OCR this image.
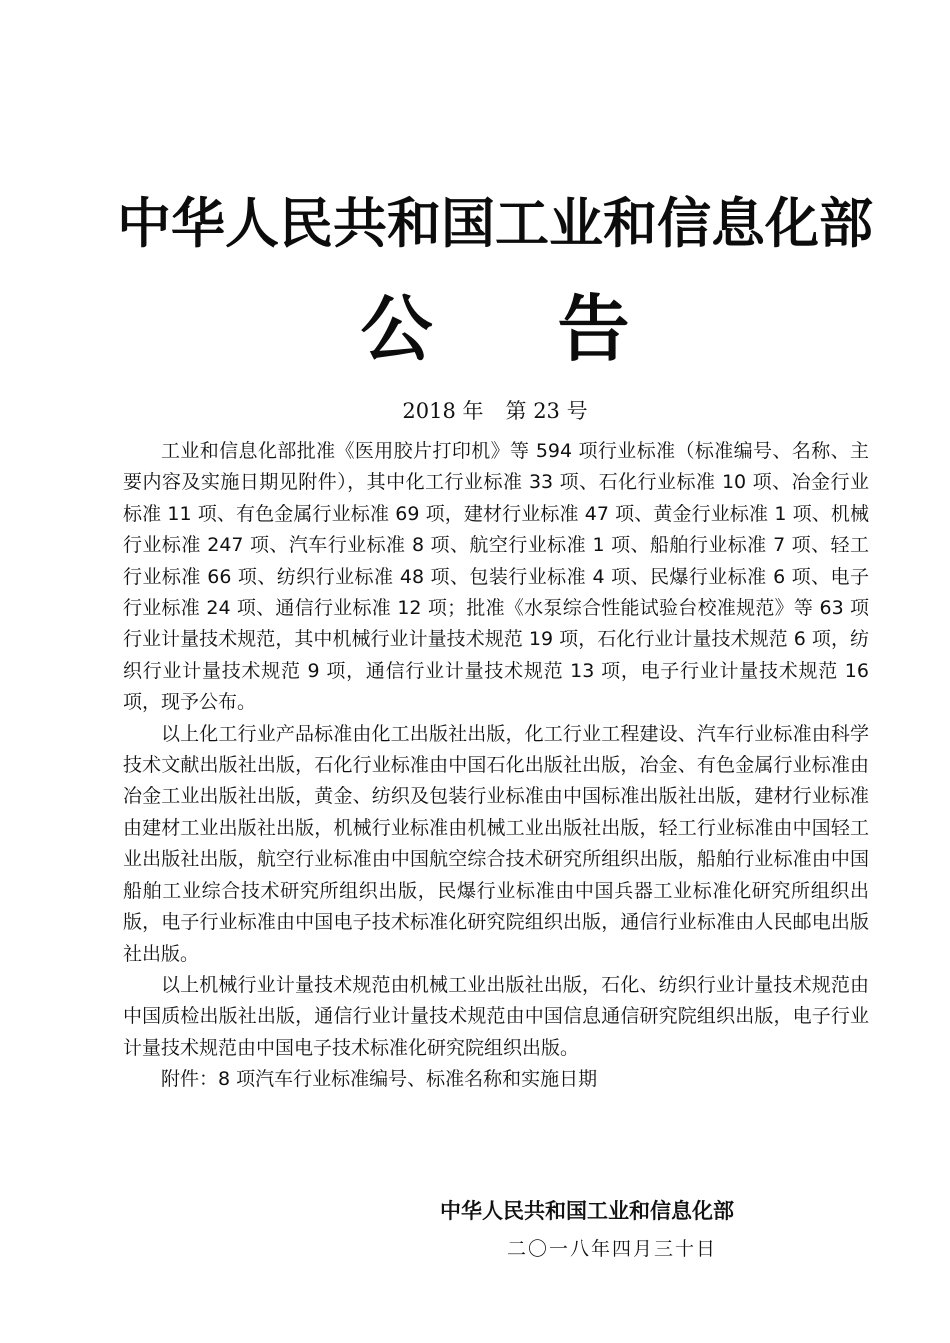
中华人民共和国工业和信息化部
公 告
2018 年 第 23 号

工业和信息化部批准《医用胶片打印机》等 594 项行业标准（标准编号、名称、主要内容及实施日期见附件），其中化工行业标准 33 项、石化行业标准 10 项、冶金行业标准 11 项、有色金属行业标准 69 项，建材行业标准 47 项、黄金行业标准 1 项、机械行业标准 247 项、汽车行业标准 8 项、航空行业标准 1 项、船舶行业标准 7 项、轻工行业标准 66 项、纺织行业标准 48 项、包装行业标准 4 项、民爆行业标准 6 项、电子行业标准 24 项、通信行业标准 12 项；批准《水泵综合性能试验台校准规范》等 63 项行业计量技术规范，其中机械行业计量技术规范 19 项，石化行业计量技术规范 6 项，纺织行业计量技术规范 9 项，通信行业计量技术规范 13 项，电子行业计量技术规范 16 项，现予公布。

以上化工行业产品标准由化工出版社出版，化工行业工程建设、汽车行业标准由科学技术文献出版社出版，石化行业标准由中国石化出版社出版，冶金、有色金属行业标准由冶金工业出版社出版，黄金、纺织及包装行业标准由中国标准出版社出版，建材行业标准由建材工业出版社出版，机械行业标准由机械工业出版社出版，轻工行业标准由中国轻工业出版社出版，航空行业标准由中国航空综合技术研究所组织出版，船舶行业标准由中国船舶工业综合技术研究所组织出版，民爆行业标准由中国兵器工业标准化研究所组织出版，电子行业标准由中国电子技术标准化研究院组织出版，通信行业标准由人民邮电出版社出版。

以上机械行业计量技术规范由机械工业出版社出版，石化、纺织行业计量技术规范由中国质检出版社出版，通信行业计量技术规范由中国信息通信研究院组织出版，电子行业计量技术规范由中国电子技术标准化研究院组织出版。

附件：8 项汽车行业标准编号、标准名称和实施日期

中华人民共和国工业和信息化部
二〇一八年四月三十日
